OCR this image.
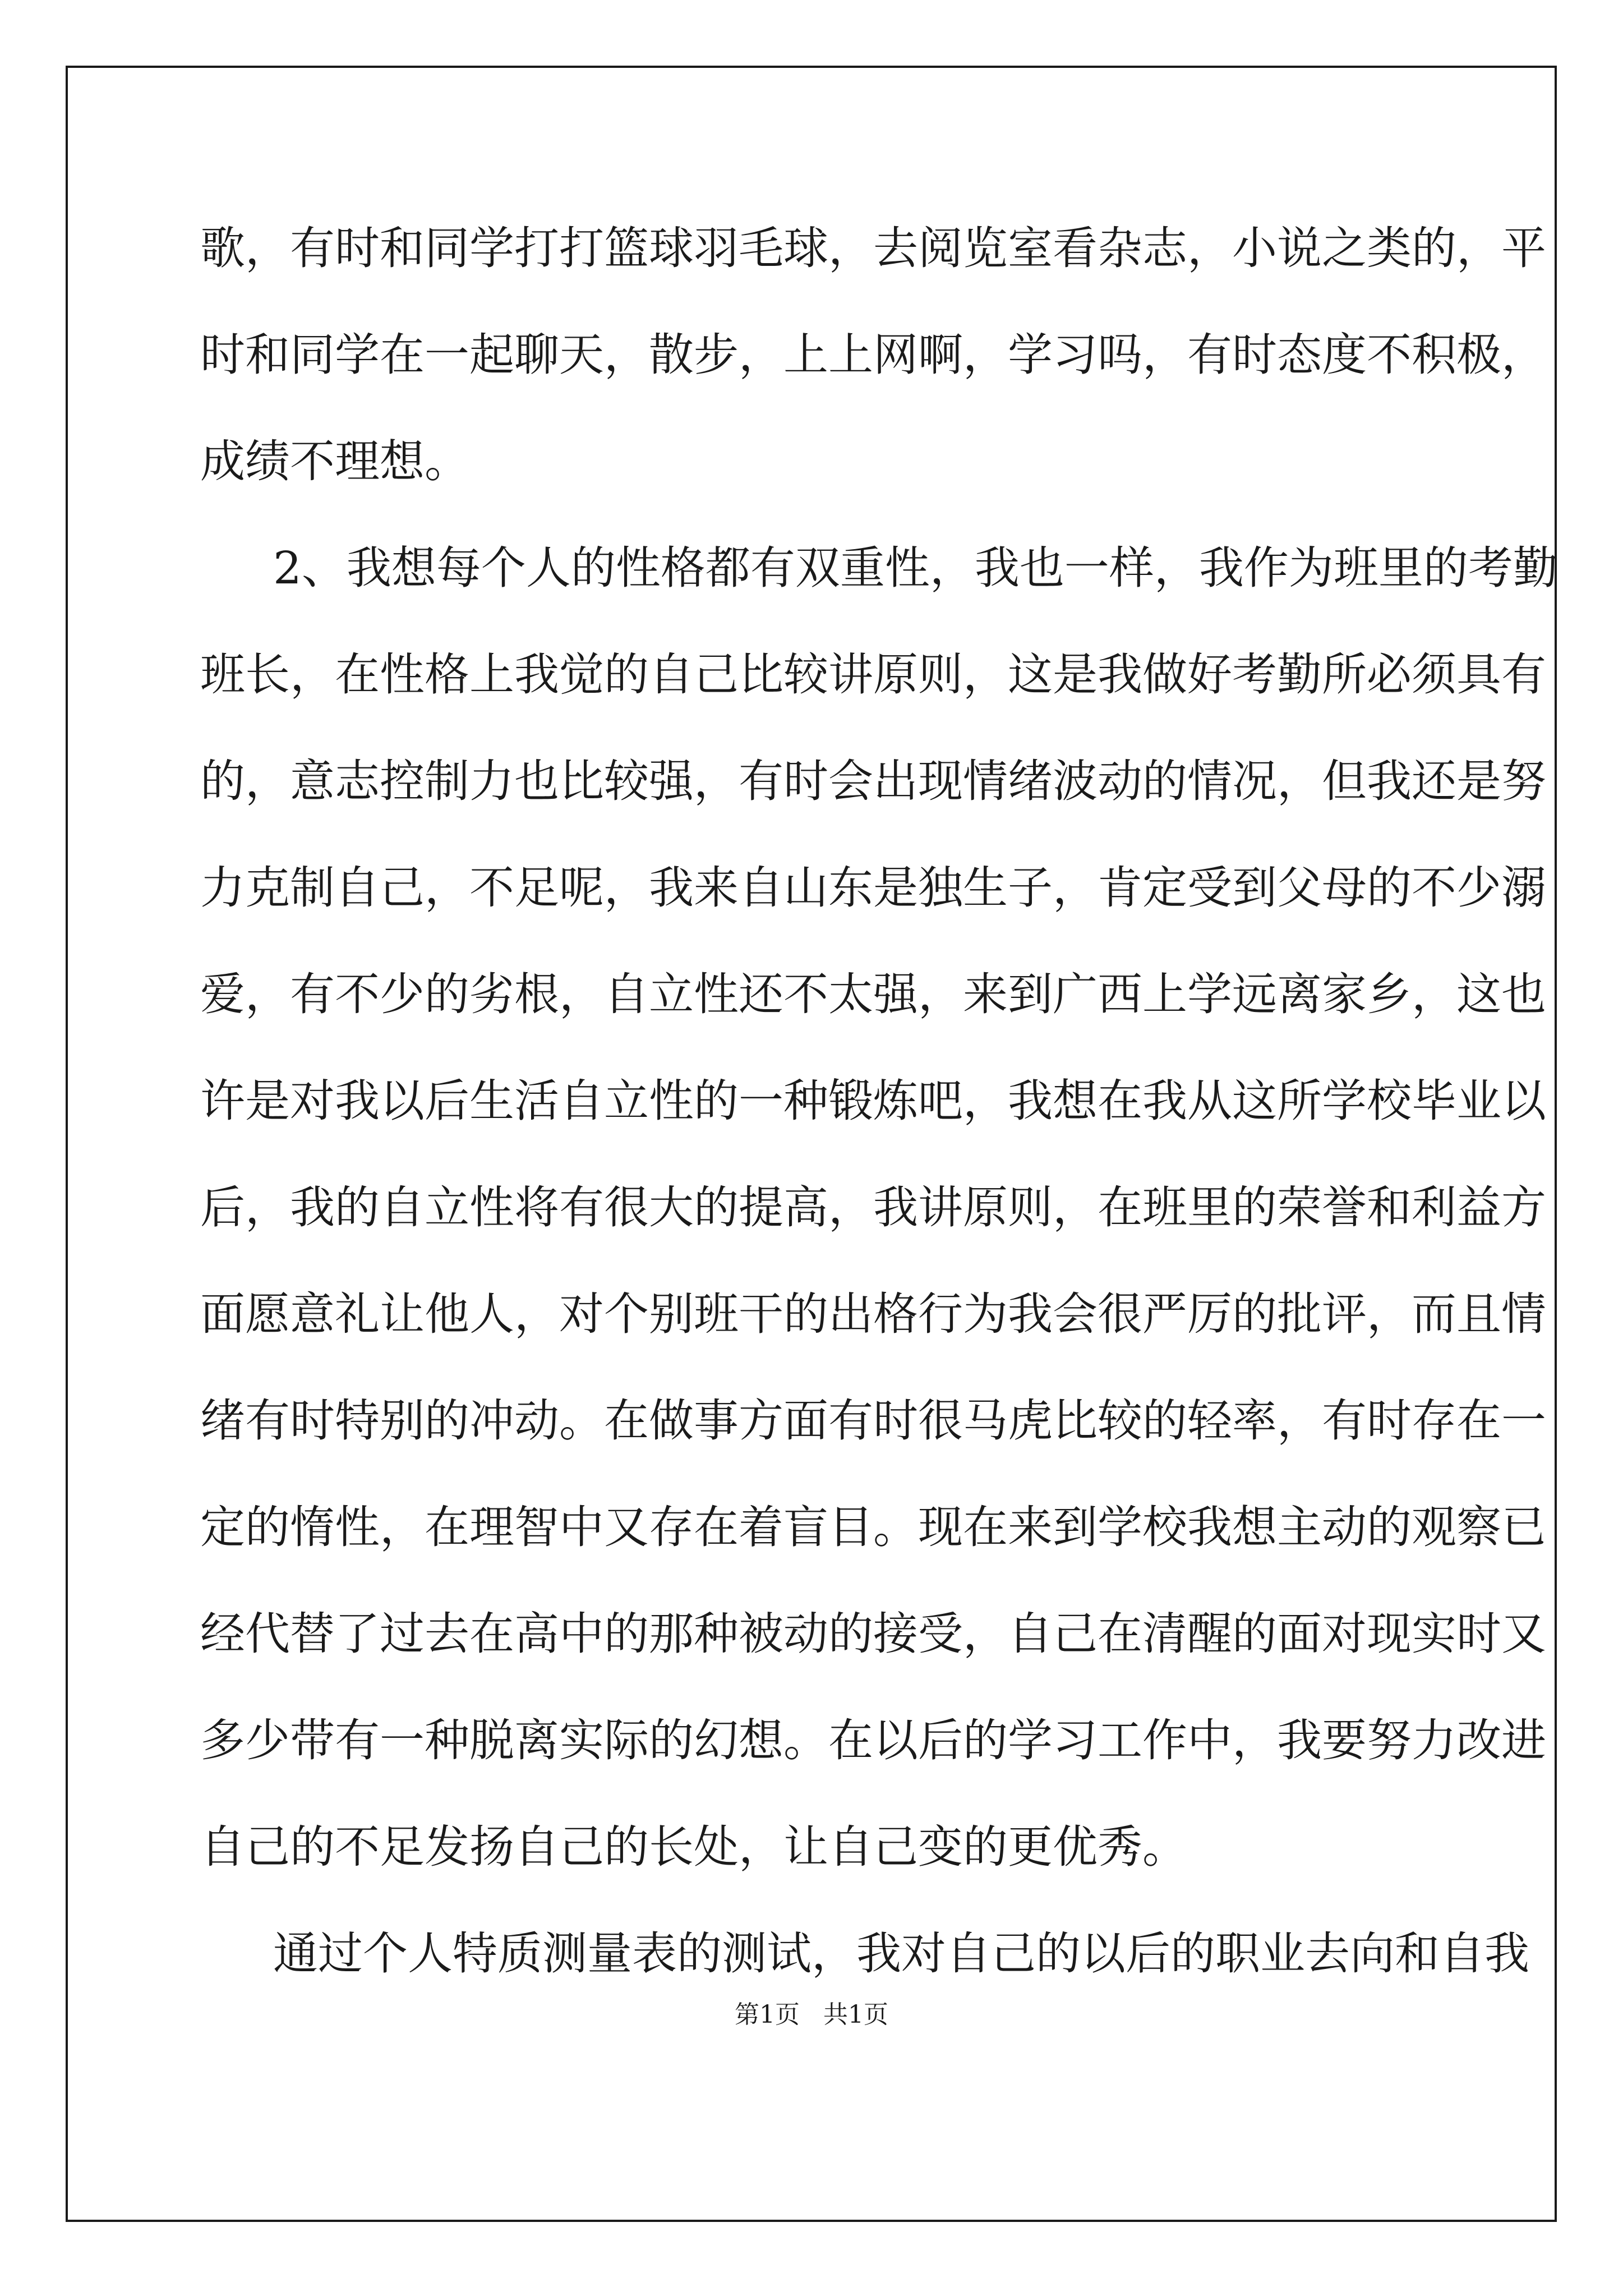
歌，有时和同学打打篮球羽毛球，去阅览室看杂志，小说之类的，平
时和同学在一起聊天，散步，上上网啊，学习吗，有时态度不积极，
成绩不理想。
2、我想每个人的性格都有双重性，我也一样，我作为班里的考勤
班长，在性格上我觉的自己比较讲原则，这是我做好考勤所必须具有
的，意志控制力也比较强，有时会出现情绪波动的情况，但我还是努
力克制自己，不足呢，我来自山东是独生子，肯定受到父母的不少溺
爱，有不少的劣根，自立性还不太强，来到广西上学远离家乡，这也
许是对我以后生活自立性的一种锻炼吧，我想在我从这所学校毕业以
后，我的自立性将有很大的提高，我讲原则，在班里的荣誉和利益方
面愿意礼让他人，对个别班干的出格行为我会很严厉的批评，而且情
绪有时特别的冲动。在做事方面有时很马虎比较的轻率，有时存在一
定的惰性，在理智中又存在着盲目。现在来到学校我想主动的观察已
经代替了过去在高中的那种被动的接受，自己在清醒的面对现实时又
多少带有一种脱离实际的幻想。在以后的学习工作中，我要努力改进
自己的不足发扬自己的长处，让自己变的更优秀。
通过个人特质测量表的测试，我对自己的以后的职业去向和自我
第1页   共1页
